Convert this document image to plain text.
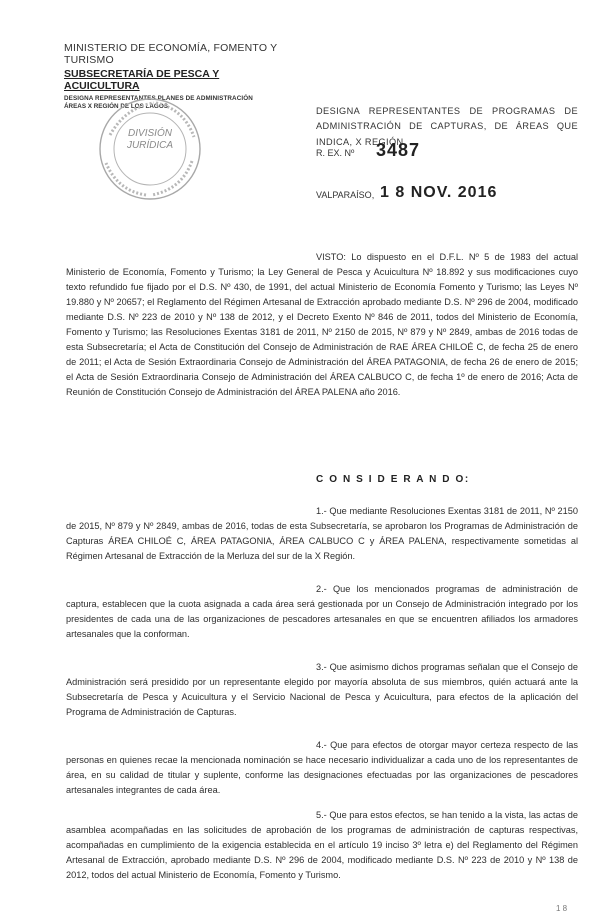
MINISTERIO DE ECONOMÍA, FOMENTO Y TURISMO
SUBSECRETARÍA DE PESCA Y ACUICULTURA
DESIGNA REPRESENTANTES PLANES DE ADMINISTRACIÓN
ÁREAS X REGIÓN DE LOS LAGOS
DIVISIÓN
JURÍDICA
DESIGNA REPRESENTANTES DE PROGRAMAS DE ADMINISTRACIÓN DE CAPTURAS, DE ÁREAS QUE INDICA, X REGIÓN.
R. EX. Nº 3487
VALPARAÍSO, 1 8 NOV. 2016
VISTO: Lo dispuesto en el D.F.L. Nº 5 de 1983 del actual Ministerio de Economía, Fomento y Turismo; la Ley General de Pesca y Acuicultura Nº 18.892 y sus modificaciones cuyo texto refundido fue fijado por el D.S. Nº 430, de 1991, del actual Ministerio de Economía Fomento y Turismo; las Leyes Nº 19.880 y Nº 20657; el Reglamento del Régimen Artesanal de Extracción aprobado mediante D.S. Nº 296 de 2004, modificado mediante D.S. Nº 223 de 2010 y Nº 138 de 2012, y el Decreto Exento Nº 846 de 2011, todos del Ministerio de Economía, Fomento y Turismo; las Resoluciones Exentas 3181 de 2011, Nº 2150 de 2015, Nº 879 y Nº 2849, ambas de 2016 todas de esta Subsecretaría; el Acta de Constitución del Consejo de Administración de RAE ÁREA CHILOÉ C, de fecha 25 de enero de 2011; el Acta de Sesión Extraordinaria Consejo de Administración del ÁREA PATAGONIA, de fecha 26 de enero de 2015; el Acta de Sesión Extraordinaria Consejo de Administración del ÁREA CALBUCO C, de fecha 1º de enero de 2016; Acta de Reunión de Constitución Consejo de Administración del ÁREA PALENA año 2016.
C O N S I D E R A N D O:
1.- Que mediante Resoluciones Exentas 3181 de 2011, Nº 2150 de 2015, Nº 879 y Nº 2849, ambas de 2016, todas de esta Subsecretaría, se aprobaron los Programas de Administración de Capturas ÁREA CHILOÉ C, ÁREA PATAGONIA, ÁREA CALBUCO C y ÁREA PALENA, respectivamente sometidas al Régimen Artesanal de Extracción de la Merluza del sur de la X Región.
2.- Que los mencionados programas de administración de captura, establecen que la cuota asignada a cada área será gestionada por un Consejo de Administración integrado por los presidentes de cada una de las organizaciones de pescadores artesanales en que se encuentren afiliados los armadores artesanales que la conforman.
3.- Que asimismo dichos programas señalan que el Consejo de Administración será presidido por un representante elegido por mayoría absoluta de sus miembros, quién actuará ante la Subsecretaría de Pesca y Acuicultura y el Servicio Nacional de Pesca y Acuicultura, para efectos de la aplicación del Programa de Administración de Capturas.
4.- Que para efectos de otorgar mayor certeza respecto de las personas en quienes recae la mencionada nominación se hace necesario individualizar a cada uno de los representantes de área, en su calidad de titular y suplente, conforme las designaciones efectuadas por las organizaciones de pescadores artesanales integrantes de cada área.
5.- Que para estos efectos, se han tenido a la vista, las actas de asamblea acompañadas en las solicitudes de aprobación de los programas de administración de capturas respectivas, acompañadas en cumplimiento de la exigencia establecida en el artículo 19 inciso 3º letra e) del Reglamento del Régimen Artesanal de Extracción, aprobado mediante D.S. Nº 296 de 2004, modificado mediante D.S. Nº 223 de 2010 y Nº 138 de 2012, todos del actual Ministerio de Economía, Fomento y Turismo.
1 8
